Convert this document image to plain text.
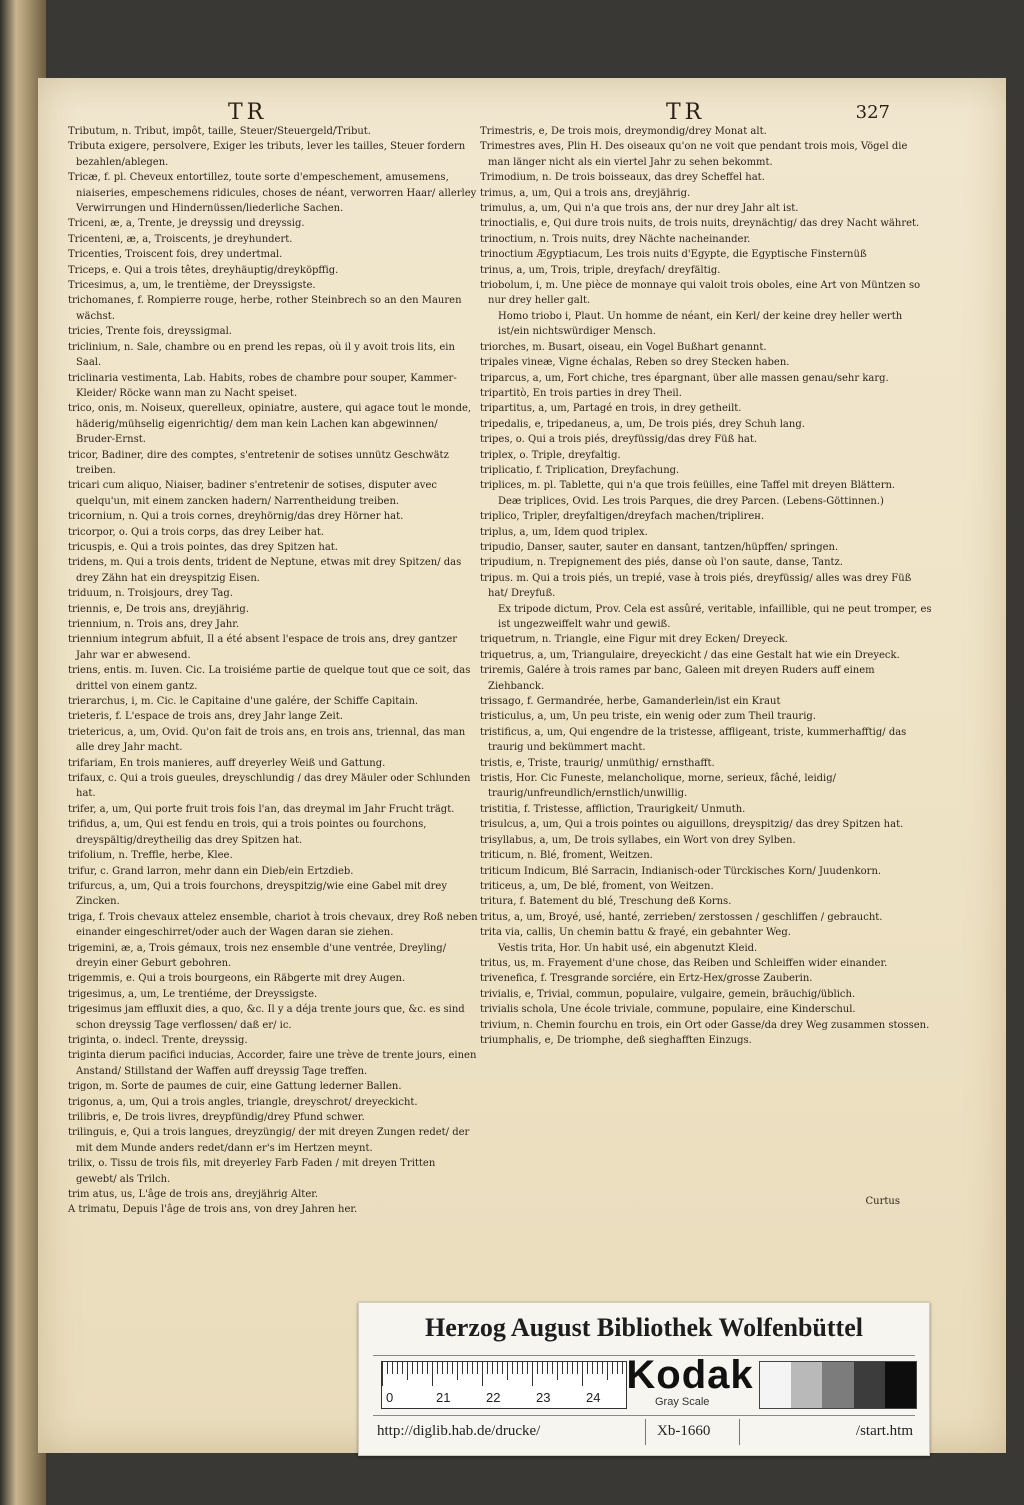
TR	TR	327

Tributum, n. Tribut, impôt, taille, Steuer/Steuergeld/Tribut.

Tributa exigere, persolvere, Exiger les tributs, lever les tailles, Steuer fordern bezahlen/ablegen.

Tricæ, f. pl. Cheveux entortillez, toute sorte d'empeschement, amusemens, niaiseries, empeschemens ridicules, choses de néant, verworren Haar/ allerley Verwirrungen und Hindernüssen/liederliche Sachen.

Triceni, æ, a, Trente, je dreyssig und dreyssig.

Tricenteni, æ, a, Troiscents, je dreyhundert.

Tricenties, Troiscent fois, drey undertmal.

Triceps, e. Qui a trois têtes, dreyhäuptig/dreyköpffig.

Tricesimus, a, um, le trentième, der Dreyssigste.

trichomanes, f. Rompierre rouge, herbe, rother Steinbrech so an den Mauren wächst.

tricies, Trente fois, dreyssigmal.

triclinium, n. Sale, chambre ou en prend les repas, où il y avoit trois lits, ein Saal.

triclinaria vestimenta, Lab. Habits, robes de chambre pour souper, Kammer-Kleider/ Röcke wann man zu Nacht speiset.

trico, onis, m. Noiseux, querelleux, opiniatre, austere, qui agace tout le monde, häderig/mühselig eigenrichtig/ dem man kein Lachen kan abgewinnen/ Bruder-Ernst.

tricor, Badiner, dire des comptes, s'entretenir de sotises unnütz Geschwätz treiben.

tricari cum aliquo, Niaiser, badiner s'entretenir de sotises, disputer avec quelqu'un, mit einem zancken hadern/ Narrentheidung treiben.

tricornium, n. Qui a trois cornes, dreyhörnig/das drey Hörner hat.

tricorpor, o. Qui a trois corps, das drey Leiber hat.

tricuspis, e. Qui a trois pointes, das drey Spitzen hat.

tridens, m. Qui a trois dents, trident de Neptune, etwas mit drey Spitzen/ das drey Zähn hat ein dreyspitzig Eisen.

triduum, n. Troisjours, drey Tag.

triennis, e, De trois ans, dreyjährig.

triennium, n. Trois ans, drey Jahr.

triennium integrum abfuit, Il a été absent l'espace de trois ans, drey gantzer Jahr war er abwesend.

triens, entis. m. Iuven. Cic. La troisiéme partie de quelque tout que ce soit, das drittel von einem gantz.

trierarchus, i, m. Cic. le Capitaine d'une galére, der Schiffe Capitain.

trieteris, f. L'espace de trois ans, drey Jahr lange Zeit.

trietericus, a, um, Ovid. Qu'on fait de trois ans, en trois ans, triennal, das man alle drey Jahr macht.

trifariam, En trois manieres, auff dreyerley Weiß und Gattung.

trifaux, c. Qui a trois gueules, dreyschlundig / das drey Mäuler oder Schlunden hat.

trifer, a, um, Qui porte fruit trois fois l'an, das dreymal im Jahr Frucht trägt.

trifidus, a, um, Qui est fendu en trois, qui a trois pointes ou fourchons, dreyspältig/dreytheilig das drey Spitzen hat.

trifolium, n. Treffle, herbe, Klee.

trifur, c. Grand larron, mehr dann ein Dieb/ein Ertzdieb.

trifurcus, a, um, Qui a trois fourchons, dreyspitzig/wie eine Gabel mit drey Zincken.

triga, f. Trois chevaux attelez ensemble, chariot à trois chevaux, drey Roß neben einander eingeschirret/oder auch der Wagen daran sie ziehen.

trigemini, æ, a, Trois gémaux, trois nez ensemble d'une ventrée, Dreyling/ dreyin einer Geburt gebohren.

trigemmis, e. Qui a trois bourgeons, ein Räbgerte mit drey Augen.

trigesimus, a, um, Le trentiéme, der Dreyssigste.

trigesimus jam effluxit dies, a quo, &c. Il y a déja trente jours que, &c. es sind schon dreyssig Tage verflossen/ daß er/ ic.

triginta, o. indecl. Trente, dreyssig.

triginta dierum pacifici inducias, Accorder, faire une trève de trente jours, einen Anstand/ Stillstand der Waffen auff dreyssig Tage treffen.

trigon, m. Sorte de paumes de cuir, eine Gattung lederner Ballen.

trigonus, a, um, Qui a trois angles, triangle, dreyschrot/ dreyeckicht.

trilibris, e, De trois livres, dreypfündig/drey Pfund schwer.

trilinguis, e, Qui a trois langues, dreyzüngig/ der mit dreyen Zungen redet/ der mit dem Munde anders redet/dann er's im Hertzen meynt.

trilix, o. Tissu de trois fils, mit dreyerley Farb Faden / mit dreyen Tritten gewebt/ als Trilch.

trim atus, us, L'âge de trois ans, dreyjährig Alter.

A trimatu, Depuis l'âge de trois ans, von drey Jahren her.

Trimestris, e, De trois mois, dreymondig/drey Monat alt.

Trimestres aves, Plin H. Des oiseaux qu'on ne voit que pendant trois mois, Vögel die man länger nicht als ein viertel Jahr zu sehen bekommt.

Trimodium, n. De trois boisseaux, das drey Scheffel hat.

trimus, a, um, Qui a trois ans, dreyjährig.

trimulus, a, um, Qui n'a que trois ans, der nur drey Jahr alt ist.

trinoctialis, e, Qui dure trois nuits, de trois nuits, dreynächtig/ das drey Nacht währet.

trinoctium, n. Trois nuits, drey Nächte nacheinander.

trinoctium Ægyptiacum, Les trois nuits d'Egypte, die Egyptische Finsternüß

trinus, a, um, Trois, triple, dreyfach/ dreyfältig.

triobolum, i, m. Une pièce de monnaye qui valoit trois oboles, eine Art von Müntzen so nur drey heller galt.

Homo triobo i, Plaut. Un homme de néant, ein Kerl/ der keine drey heller werth ist/ein nichtswürdiger Mensch.

triorches, m. Busart, oiseau, ein Vogel Bußhart genannt.

tripales vineæ, Vigne échalas, Reben so drey Stecken haben.

triparcus, a, um, Fort chiche, tres épargnant, über alle massen genau/sehr karg.

tripartitò, En trois parties in drey Theil.

tripartitus, a, um, Partagé en trois, in drey getheilt.

tripedalis, e, tripedaneus, a, um, De trois piés, drey Schuh lang.

tripes, o. Qui a trois piés, dreyfüssig/das drey Füß hat.

triplex, o. Triple, dreyfaltig.

triplicatio, f. Triplication, Dreyfachung.

triplices, m. pl. Tablette, qui n'a que trois feüilles, eine Taffel mit dreyen Blättern.

Deæ triplices, Ovid. Les trois Parques, die drey Parcen. (Lebens-Göttinnen.)

triplico, Tripler, dreyfaltigen/dreyfach machen/triplirен.

triplus, a, um, Idem quod triplex.

tripudio, Danser, sauter, sauter en dansant, tantzen/hüpffen/ springen.

tripudium, n. Trepignement des piés, danse où l'on saute, danse, Tantz.

tripus. m. Qui a trois piés, un trepié, vase à trois piés, dreyfüssig/ alles was drey Füß hat/ Dreyfuß.

Ex tripode dictum, Prov. Cela est assûré, veritable, infaillible, qui ne peut tromper, es ist ungezweiffelt wahr und gewiß.

triquetrum, n. Triangle, eine Figur mit drey Ecken/ Dreyeck.

triquetrus, a, um, Triangulaire, dreyeckicht / das eine Gestalt hat wie ein Dreyeck.

triremis, Galére à trois rames par banc, Galeen mit dreyen Ruders auff einem Ziehbanck.

trissago, f. Germandrée, herbe, Gamanderlein/ist ein Kraut

tristiculus, a, um, Un peu triste, ein wenig oder zum Theil traurig.

tristificus, a, um, Qui engendre de la tristesse, affligeant, triste, kummerhafftig/ das traurig und bekümmert macht.

tristis, e, Triste, traurig/ unmüthig/ ernsthafft.

tristis, Hor. Cic Funeste, melancholique, morne, serieux, fâché, leidig/ traurig/unfreundlich/ernstlich/unwillig.

tristitia, f. Tristesse, affliction, Traurigkeit/ Unmuth.

trisulcus, a, um, Qui a trois pointes ou aiguillons, dreyspitzig/ das drey Spitzen hat.

trisyllabus, a, um, De trois syllabes, ein Wort von drey Sylben.

triticum, n. Blé, froment, Weitzen.

triticum Indicum, Blé Sarracin, Indianisch-oder Türckisches Korn/ Juudenkorn.

triticeus, a, um, De blé, froment, von Weitzen.

tritura, f. Batement du blé, Treschung deß Korns.

tritus, a, um, Broyé, usé, hanté, zerrieben/ zerstossen / geschliffen / gebraucht.

trita via, callis, Un chemin battu & frayé, ein gebahnter Weg.

Vestis trita, Hor. Un habit usé, ein abgenutzt Kleid.

tritus, us, m. Frayement d'une chose, das Reiben und Schleiffen wider einander.

trivenefica, f. Tresgrande sorciére, ein Ertz-Hex/grosse Zauberin.

trivialis, e, Trivial, commun, populaire, vulgaire, gemein, bräuchig/üblich.

trivialis schola, Une école triviale, commune, populaire, eine Kinderschul.

trivium, n. Chemin fourchu en trois, ein Ort oder Gasse/da drey Weg zusammen stossen.

triumphalis, e, De triomphe, deß sieghafften Einzugs.

Curtus
Herzog August Bibliothek Wolfenbüttel
0	21	22	23	24
Kodak
Gray Scale
http://diglib.hab.de/drucke/	Xb-1660	/start.htm
